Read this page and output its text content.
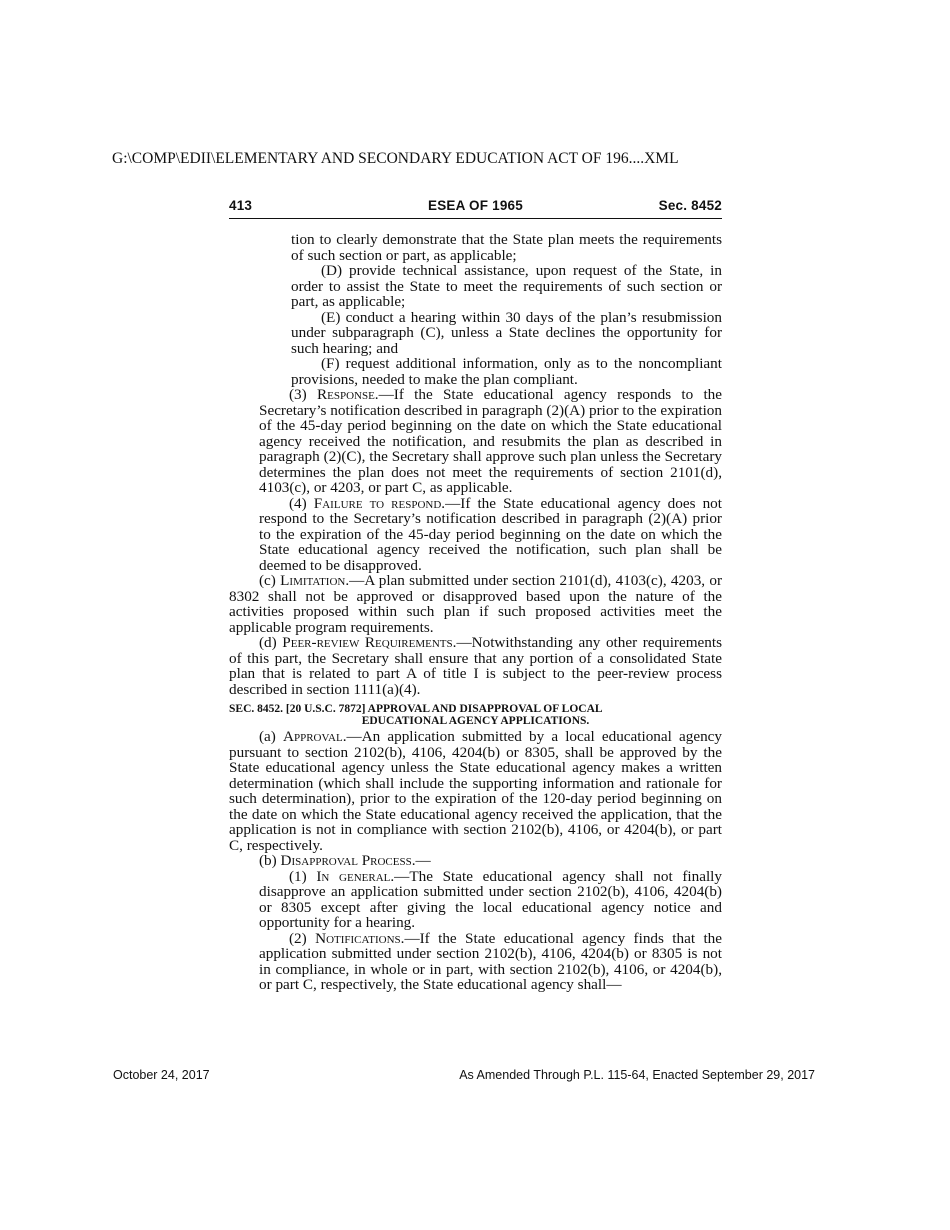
G:\COMP\EDII\ELEMENTARY AND SECONDARY EDUCATION ACT OF 196....XML
413	ESEA OF 1965	Sec. 8452

tion to clearly demonstrate that the State plan meets the requirements of such section or part, as applicable;

(D) provide technical assistance, upon request of the State, in order to assist the State to meet the requirements of such section or part, as applicable;

(E) conduct a hearing within 30 days of the plan’s resubmission under subparagraph (C), unless a State declines the opportunity for such hearing; and

(F) request additional information, only as to the noncompliant provisions, needed to make the plan compliant.

(3) Response.—If the State educational agency responds to the Secretary’s notification described in paragraph (2)(A) prior to the expiration of the 45-day period beginning on the date on which the State educational agency received the notification, and resubmits the plan as described in paragraph (2)(C), the Secretary shall approve such plan unless the Secretary determines the plan does not meet the requirements of section 2101(d), 4103(c), or 4203, or part C, as applicable.

(4) Failure to respond.—If the State educational agency does not respond to the Secretary’s notification described in paragraph (2)(A) prior to the expiration of the 45-day period beginning on the date on which the State educational agency received the notification, such plan shall be deemed to be disapproved.

(c) Limitation.—A plan submitted under section 2101(d), 4103(c), 4203, or 8302 shall not be approved or disapproved based upon the nature of the activities proposed within such plan if such proposed activities meet the applicable program requirements.

(d) Peer-review Requirements.—Notwithstanding any other requirements of this part, the Secretary shall ensure that any portion of a consolidated State plan that is related to part A of title I is subject to the peer-review process described in section 1111(a)(4).

SEC. 8452. [20 U.S.C. 7872] APPROVAL AND DISAPPROVAL OF LOCAL
EDUCATIONAL AGENCY APPLICATIONS.

(a) Approval.—An application submitted by a local educational agency pursuant to section 2102(b), 4106, 4204(b) or 8305, shall be approved by the State educational agency unless the State educational agency makes a written determination (which shall include the supporting information and rationale for such determination), prior to the expiration of the 120-day period beginning on the date on which the State educational agency received the application, that the application is not in compliance with section 2102(b), 4106, or 4204(b), or part C, respectively.

(b) Disapproval Process.—

(1) In general.—The State educational agency shall not finally disapprove an application submitted under section 2102(b), 4106, 4204(b) or 8305 except after giving the local educational agency notice and opportunity for a hearing.

(2) Notifications.—If the State educational agency finds that the application submitted under section 2102(b), 4106, 4204(b) or 8305 is not in compliance, in whole or in part, with section 2102(b), 4106, or 4204(b), or part C, respectively, the State educational agency shall—

October 24, 2017	As Amended Through P.L. 115-64, Enacted September 29, 2017
